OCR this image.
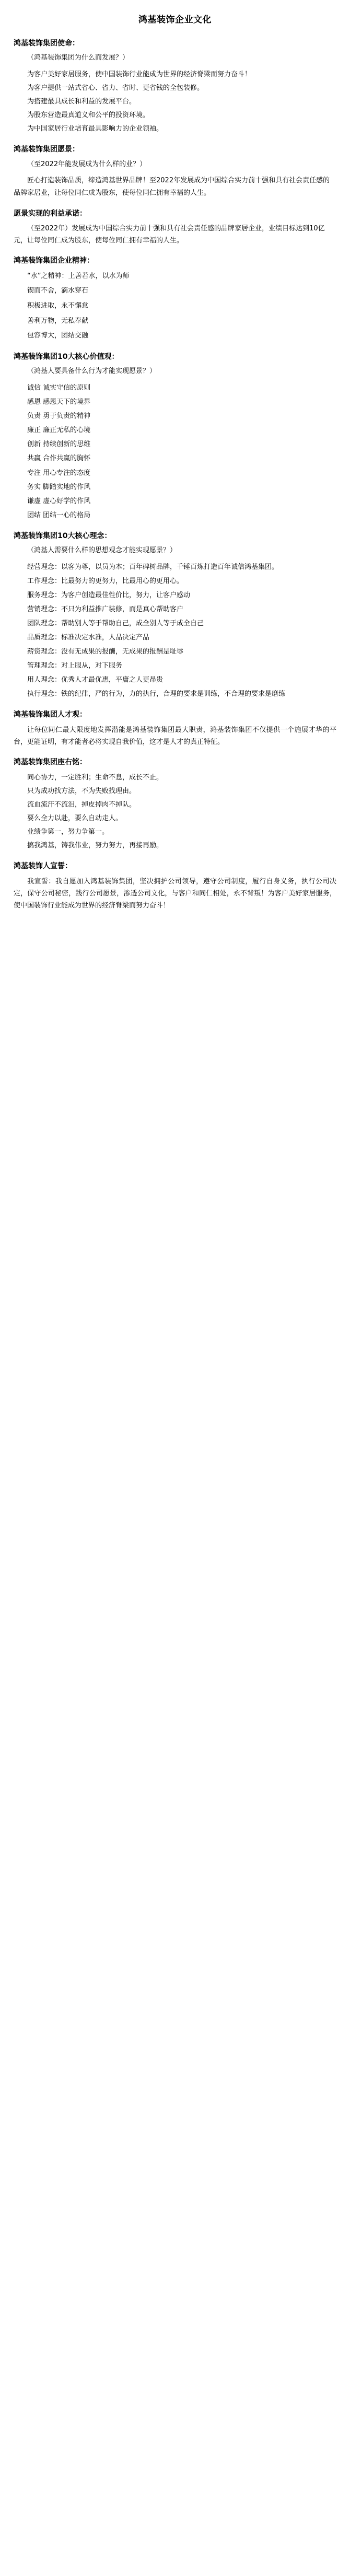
鸿基装饰企业文化
鸿基装饰集团使命：

（鸿基装饰集团为什么而发展？）

为客户美好家居服务，使中国装饰行业能成为世界的经济脊梁而努力奋斗！

为客户提供一站式省心、省力、省时、更省钱的全包装修。

为搭建最具成长和利益的发展平台。

为股东营造最真道义和公平的投资环境。

为中国家居行业培育最具影响力的企业领袖。

鸿基装饰集团愿景：

（至2022年能发展成为什么样的业？）

匠心打造装饰品质，缔造鸿基世界品牌！至2022年发展成为中国综合实力前十强和具有社会责任感的品牌家居业，让每位同仁成为股东，使每位同仁拥有幸福的人生。

愿景实现的利益承诺：

（至2022年）发展成为中国综合实力前十强和具有社会责任感的品牌家居企业，业绩目标达到10亿元，让每位同仁成为股东，使每位同仁拥有幸福的人生。

鸿基装饰集团企业精神：

“水”之精神：上善若水，以水为师

锲而不舍，滴水穿石

积极进取，永不懈怠

善利万物，无私奉献

包容博大，团结交融

鸿基装饰集团10大核心价值观：

（鸿基人要具备什么行为才能实现愿景？）

诚信 诚实守信的原则

感恩 感恩天下的境界

负责 勇于负责的精神

廉正 廉正无私的心境

创新 持续创新的思维

共赢 合作共赢的胸怀

专注 用心专注的态度

务实 脚踏实地的作风

谦虚 虚心好学的作风

团结 团结一心的格局

鸿基装饰集团10大核心理念：

（鸿基人需要什么样的思想观念才能实现愿景？）

经营理念：以客为尊，以员为本；百年碑树品牌，千锤百炼打造百年诚信鸿基集团。

工作理念：比最努力的更努力，比最用心的更用心。

服务理念：为客户创造最佳性价比，努力，让客户感动

营销理念：不只为利益推广装修，而是真心帮助客户

团队理念：帮助别人等于帮助自己，成全别人等于成全自己

品质理念：标准决定水准，人品决定产品

薪资理念：没有无成果的报酬，无成果的报酬是耻辱

管理理念：对上服从，对下服务

用人理念：优秀人才最优惠，平庸之人更昂贵

执行理念：铁的纪律，严的行为，力的执行，合理的要求是训练，不合理的要求是磨练

鸿基装饰集团人才观：

让每位同仁最大限度地发挥潜能是鸿基装饰集团最大职责，鸿基装饰集团不仅提供一个施展才华的平台，更能证明，有才能者必将实现自我价值，这才是人才的真正特征。

鸿基装饰集团座右铭：

同心协力，一定胜利；生命不息，成长不止。

只为成功找方法，不为失败找理由。

流血流汗不流泪，掉皮掉肉不掉队。

要么全力以赴，要么自动走人。

业绩争第一，努力争第一。

搞我鸿基，铸我伟业，努力努力，再接再励。

鸿基装饰人宣誓：

我宣誓：我自愿加入鸿基装饰集团，坚决拥护公司领导，遵守公司制度，履行自身义务，执行公司决定，保守公司秘密，践行公司愿景，渗透公司文化，与客户和同仁相处，永不背叛！为客户美好家居服务，使中国装饰行业能成为世界的经济脊梁而努力奋斗！
